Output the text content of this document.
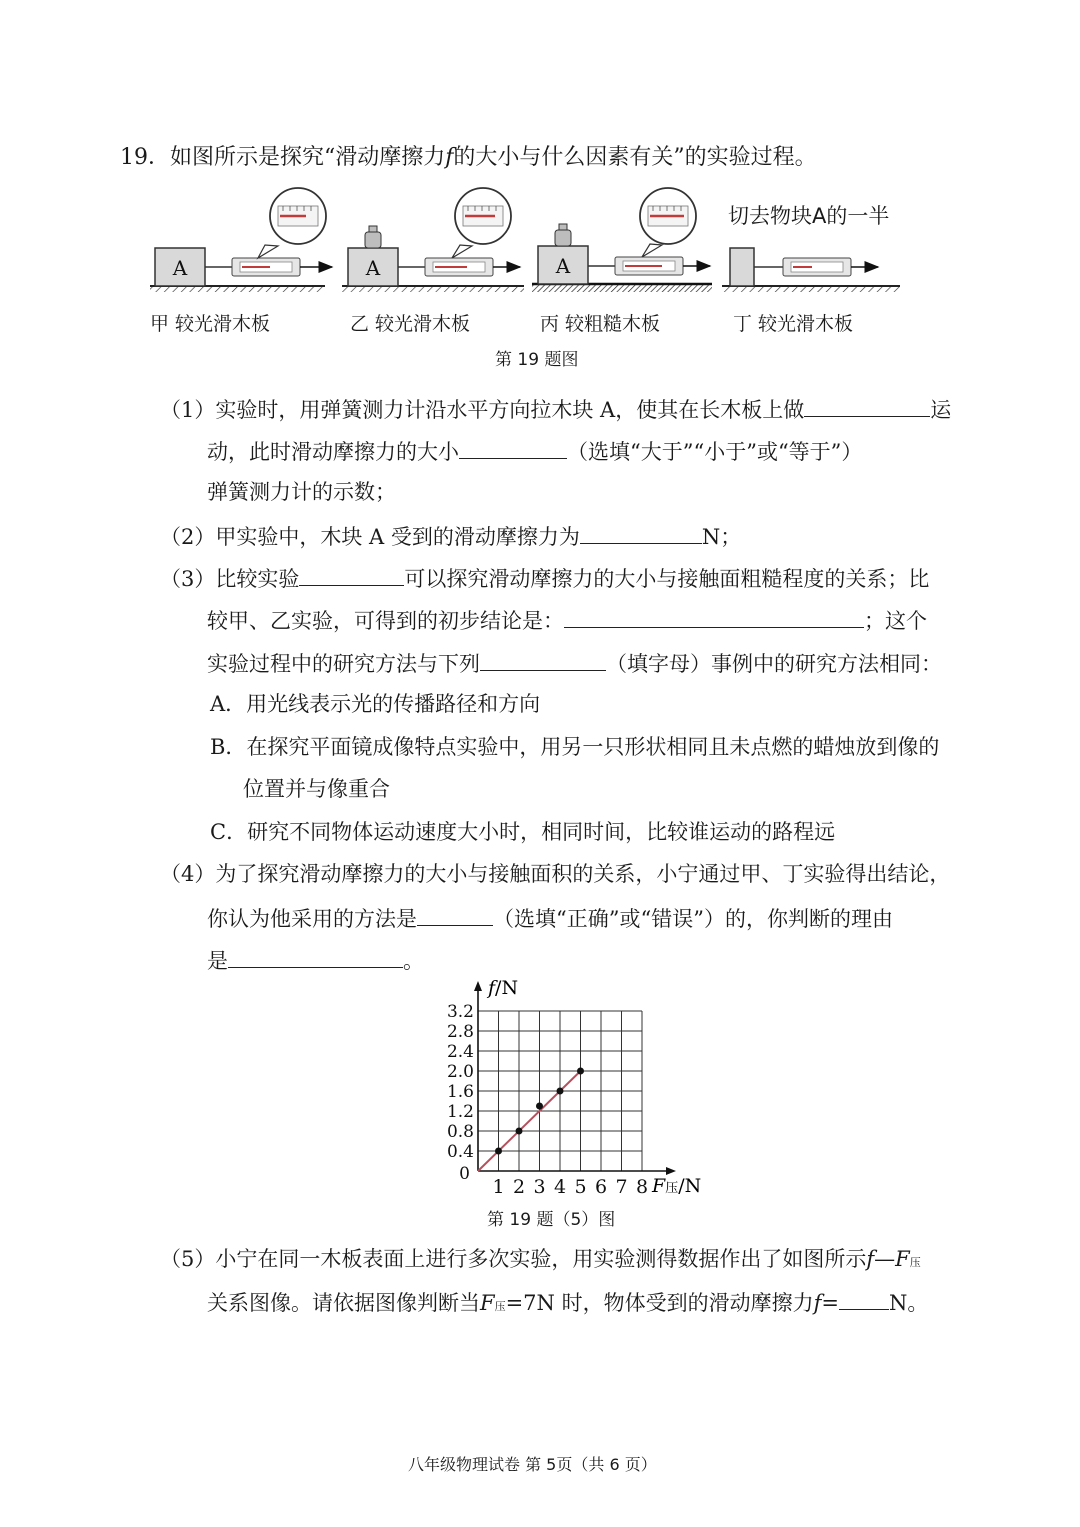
19．如图所示是探究“滑动摩擦力f的大小与什么因素有关”的实验过程。
A	A	A
切去物块A的一半
甲 较光滑木板	乙 较光滑木板	丙 较粗糙木板	丁 较光滑木板
第 19 题图
（1）实验时，用弹簧测力计沿水平方向拉木块 A，使其在长木板上做	运
动，此时滑动摩擦力的大小	（选填“大于”“小于”或“等于”）
弹簧测力计的示数；
（2）甲实验中，木块 A 受到的滑动摩擦力为	N；
（3）比较实验	可以探究滑动摩擦力的大小与接触面粗糙程度的关系；比
较甲、乙实验，可得到的初步结论是：	；这个
实验过程中的研究方法与下列	（填字母）事例中的研究方法相同：
A．用光线表示光的传播路径和方向
B．在探究平面镜成像特点实验中，用另一只形状相同且未点燃的蜡烛放到像的
位置并与像重合
C．研究不同物体运动速度大小时，相同时间，比较谁运动的路程远
（4）为了探究滑动摩擦力的大小与接触面积的关系，小宁通过甲、丁实验得出结论，
你认为他采用的方法是	（选填“正确”或“错误”）的，你判断的理由
是	。
1 2 3 4 5 6 7 8
0.4
0.8
1.2
1.6
2.0
2.4
2.8
3.2
0
f/N
F压/N
第 19 题（5）图
（5）小宁在同一木板表面上进行多次实验，用实验测得数据作出了如图所示f—F压
关系图像。请依据图像判断当F压=7N 时，物体受到的滑动摩擦力f= N。
八年级物理试卷 第 5页（共 6 页）
